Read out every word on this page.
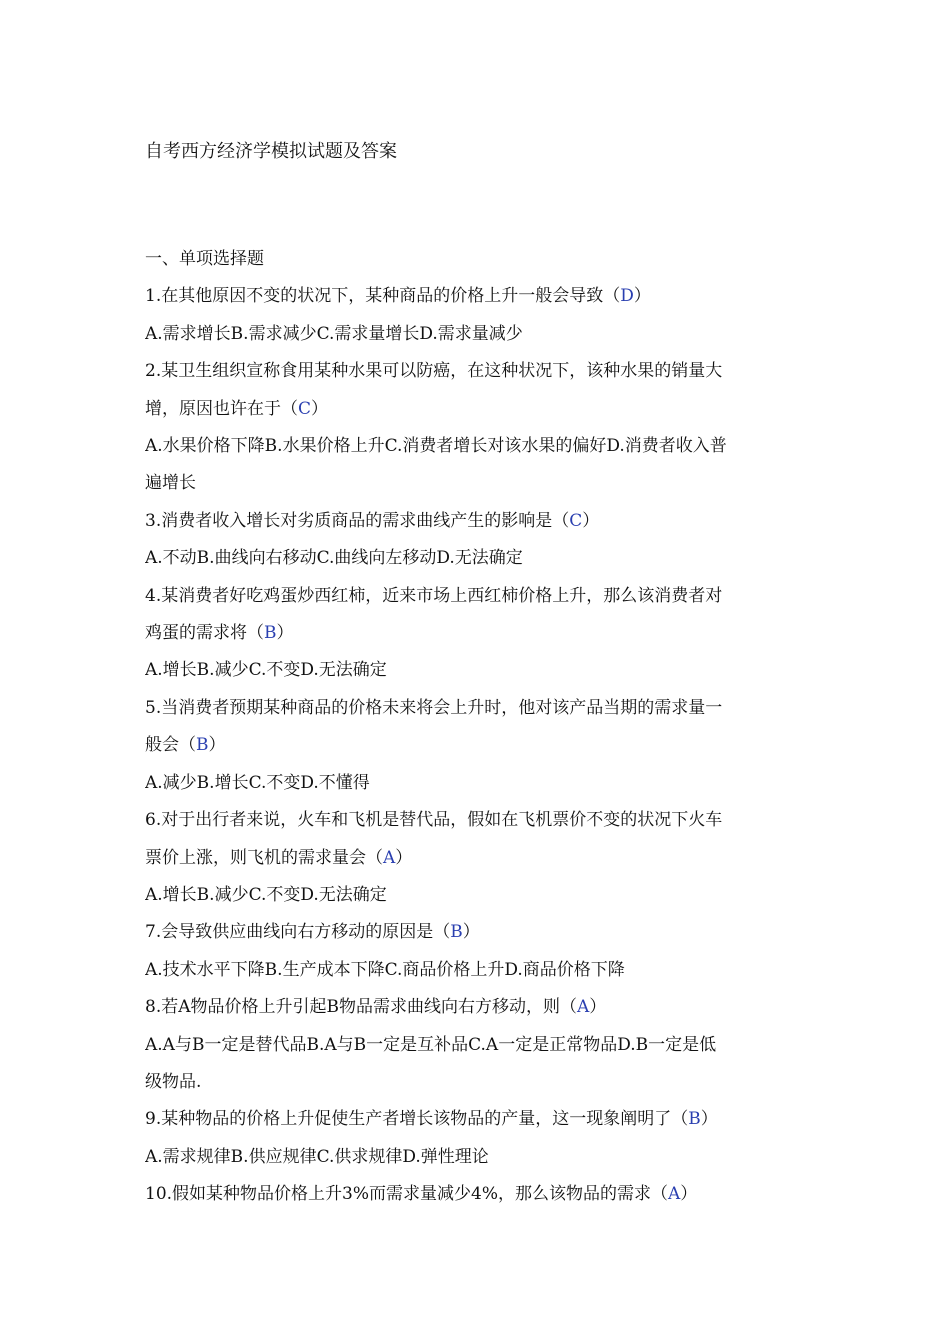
自考西方经济学模拟试题及答案
一、单项选择题
1.在其他原因不变的状况下，某种商品的价格上升一般会导致（D）
A.需求增长B.需求减少C.需求量增长D.需求量减少
2.某卫生组织宣称食用某种水果可以防癌，在这种状况下，该种水果的销量大
增，原因也许在于（C）
A.水果价格下降B.水果价格上升C.消费者增长对该水果的偏好D.消费者收入普
遍增长
3.消费者收入增长对劣质商品的需求曲线产生的影响是（C）
A.不动B.曲线向右移动C.曲线向左移动D.无法确定
4.某消费者好吃鸡蛋炒西红柿，近来市场上西红柿价格上升，那么该消费者对
鸡蛋的需求将（B）
A.增长B.减少C.不变D.无法确定
5.当消费者预期某种商品的价格未来将会上升时，他对该产品当期的需求量一
般会（B）
A.减少B.增长C.不变D.不懂得
6.对于出行者来说，火车和飞机是替代品，假如在飞机票价不变的状况下火车
票价上涨，则飞机的需求量会（A）
A.增长B.减少C.不变D.无法确定
7.会导致供应曲线向右方移动的原因是（B）
A.技术水平下降B.生产成本下降C.商品价格上升D.商品价格下降
8.若A物品价格上升引起B物品需求曲线向右方移动，则（A）
A.A与B一定是替代品B.A与B一定是互补品C.A一定是正常物品D.B一定是低
级物品.
9.某种物品的价格上升促使生产者增长该物品的产量，这一现象阐明了（B）
A.需求规律B.供应规律C.供求规律D.弹性理论
10.假如某种物品价格上升3%而需求量减少4%，那么该物品的需求（A）
